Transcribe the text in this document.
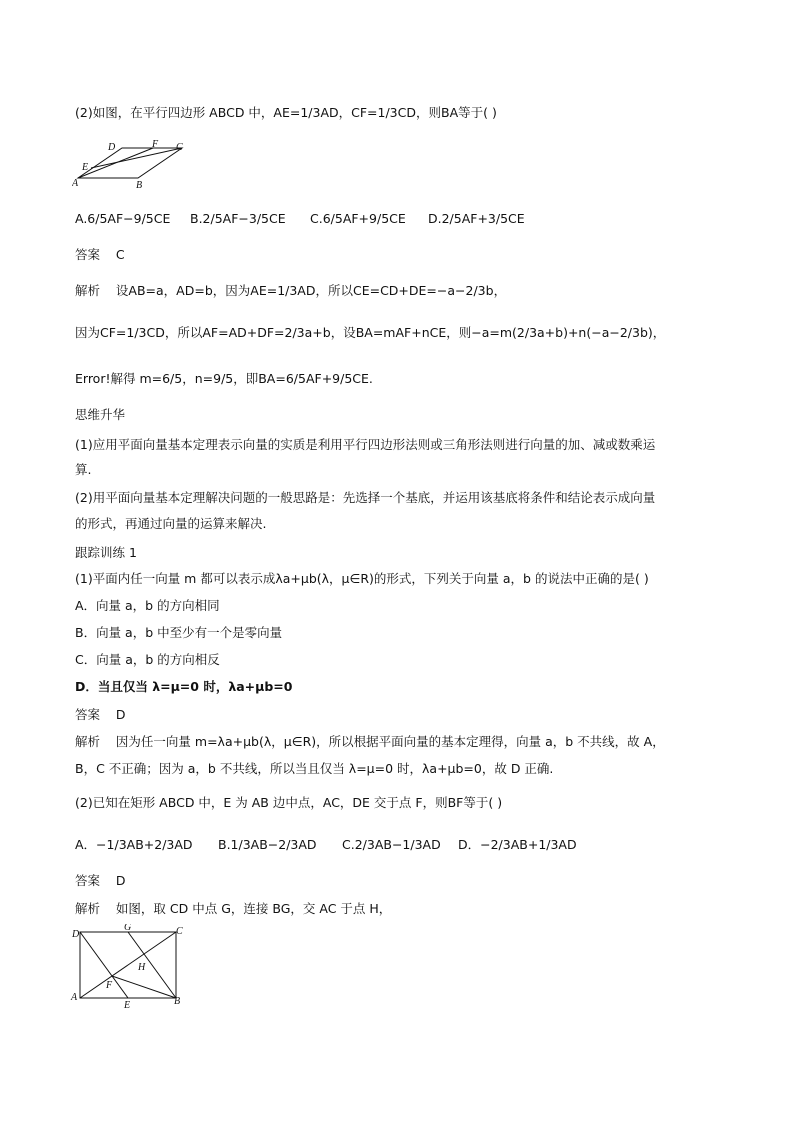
(2)如图，在平行四边形 ABCD 中，AE=1/3AD，CF=1/3CD，则BA等于( )
A	B
C
D
E
F
A.6/5AF−9/5CE B.2/5AF−3/5CE C.6/5AF+9/5CE D.2/5AF+3/5CE
答案 C
解析 设AB=a，AD=b，因为AE=1/3AD，所以CE=CD+DE=−a−2/3b，
因为CF=1/3CD，所以AF=AD+DF=2/3a+b，设BA=mAF+nCE，则−a=m(2/3a+b)+n(−a−2/3b)，
Error!解得 m=6/5，n=9/5，即BA=6/5AF+9/5CE.
思维升华
(1)应用平面向量基本定理表示向量的实质是利用平行四边形法则或三角形法则进行向量的加、减或数乘运
算.
(2)用平面向量基本定理解决问题的一般思路是：先选择一个基底，并运用该基底将条件和结论表示成向量
的形式，再通过向量的运算来解决.
跟踪训练 1
(1)平面内任一向量 m 都可以表示成λa+μb(λ，μ∈R)的形式，下列关于向量 a，b 的说法中正确的是( )
A．向量 a，b 的方向相同
B．向量 a，b 中至少有一个是零向量
C．向量 a，b 的方向相反
D．当且仅当 λ=μ=0 时，λa+μb=0
答案 D
解析 因为任一向量 m=λa+μb(λ，μ∈R)，所以根据平面向量的基本定理得，向量 a，b 不共线，故 A，
B，C 不正确；因为 a，b 不共线，所以当且仅当 λ=μ=0 时，λa+μb=0，故 D 正确.
(2)已知在矩形 ABCD 中，E 为 AB 边中点，AC，DE 交于点 F，则BF等于( )
A．−1/3AB+2/3AD B.1/3AB−2/3AD C.2/3AB−1/3AD D．−2/3AB+1/3AD
答案 D
解析 如图，取 CD 中点 G，连接 BG，交 AC 于点 H，
D
G	C
H
F
A
E	B
